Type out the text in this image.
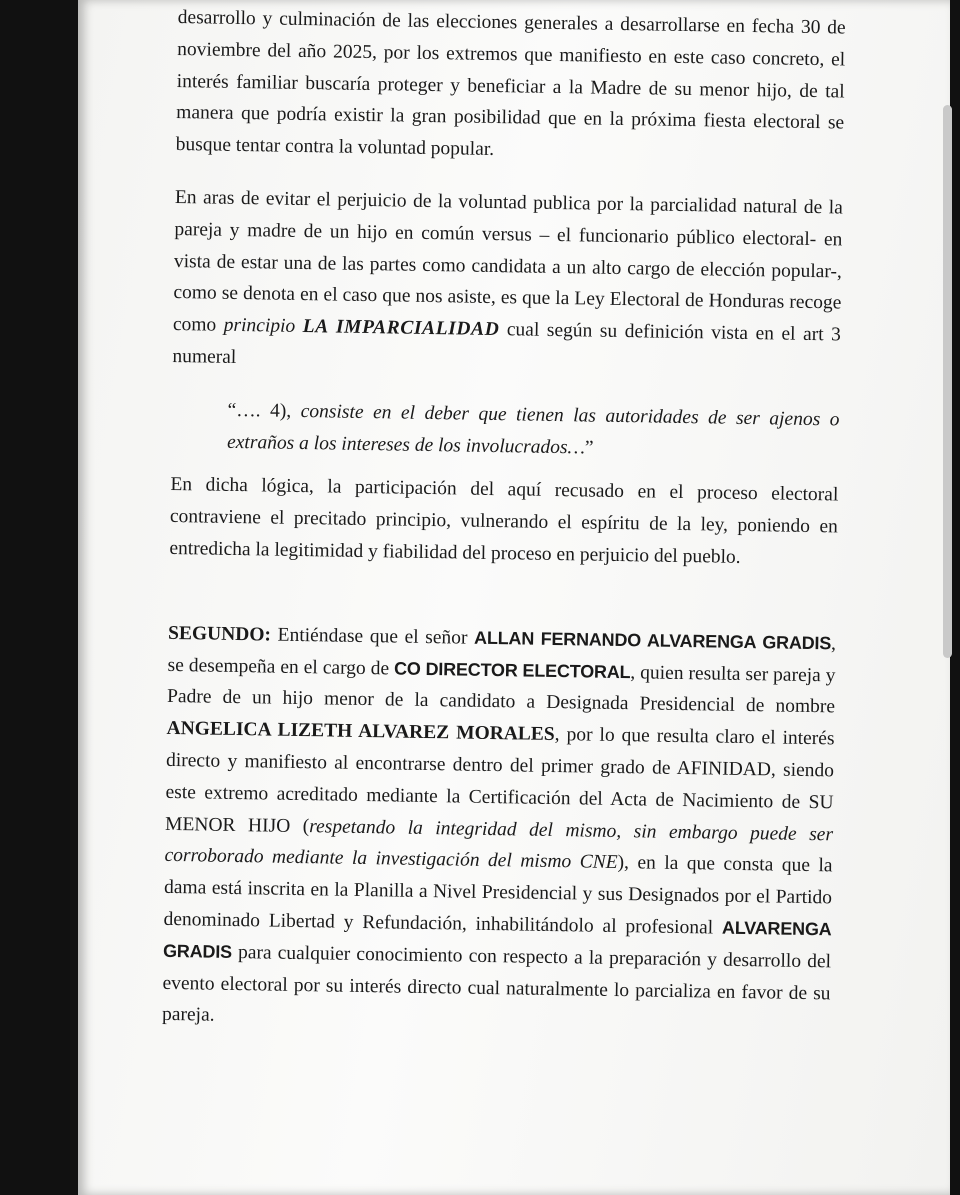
desarrollo y culminación de las elecciones generales a desarrollarse en fecha 30 de noviembre del año 2025, por los extremos que manifiesto en este caso concreto, el interés familiar buscaría proteger y beneficiar a la Madre de su menor hijo, de tal manera que podría existir la gran posibilidad que en la próxima fiesta electoral se busque tentar contra la voluntad popular.

En aras de evitar el perjuicio de la voluntad publica por la parcialidad natural de la pareja y madre de un hijo en común versus – el funcionario público electoral- en vista de estar una de las partes como candidata a un alto cargo de elección popular-, como se denota en el caso que nos asiste, es que la Ley Electoral de Honduras recoge como principio LA IMPARCIALIDAD cual según su definición vista en el art 3 numeral

“…. 4), consiste en el deber que tienen las autoridades de ser ajenos o extraños a los intereses de los involucrados…”

En dicha lógica, la participación del aquí recusado en el proceso electoral contraviene el precitado principio, vulnerando el espíritu de la ley, poniendo en entredicha la legitimidad y fiabilidad del proceso en perjuicio del pueblo.

SEGUNDO: Entiéndase que el señor ALLAN FERNANDO ALVARENGA GRADIS, se desempeña en el cargo de CO DIRECTOR ELECTORAL, quien resulta ser pareja y Padre de un hijo menor de la candidato a Designada Presidencial de nombre ANGELICA LIZETH ALVAREZ MORALES, por lo que resulta claro el interés directo y manifiesto al encontrarse dentro del primer grado de AFINIDAD, siendo este extremo acreditado mediante la Certificación del Acta de Nacimiento de SU MENOR HIJO (respetando la integridad del mismo, sin embargo puede ser corroborado mediante la investigación del mismo CNE), en la que consta que la dama está inscrita en la Planilla a Nivel Presidencial y sus Designados por el Partido denominado Libertad y Refundación, inhabilitándolo al profesional ALVARENGA GRADIS para cualquier conocimiento con respecto a la preparación y desarrollo del evento electoral por su interés directo cual naturalmente lo parcializa en favor de su pareja.
